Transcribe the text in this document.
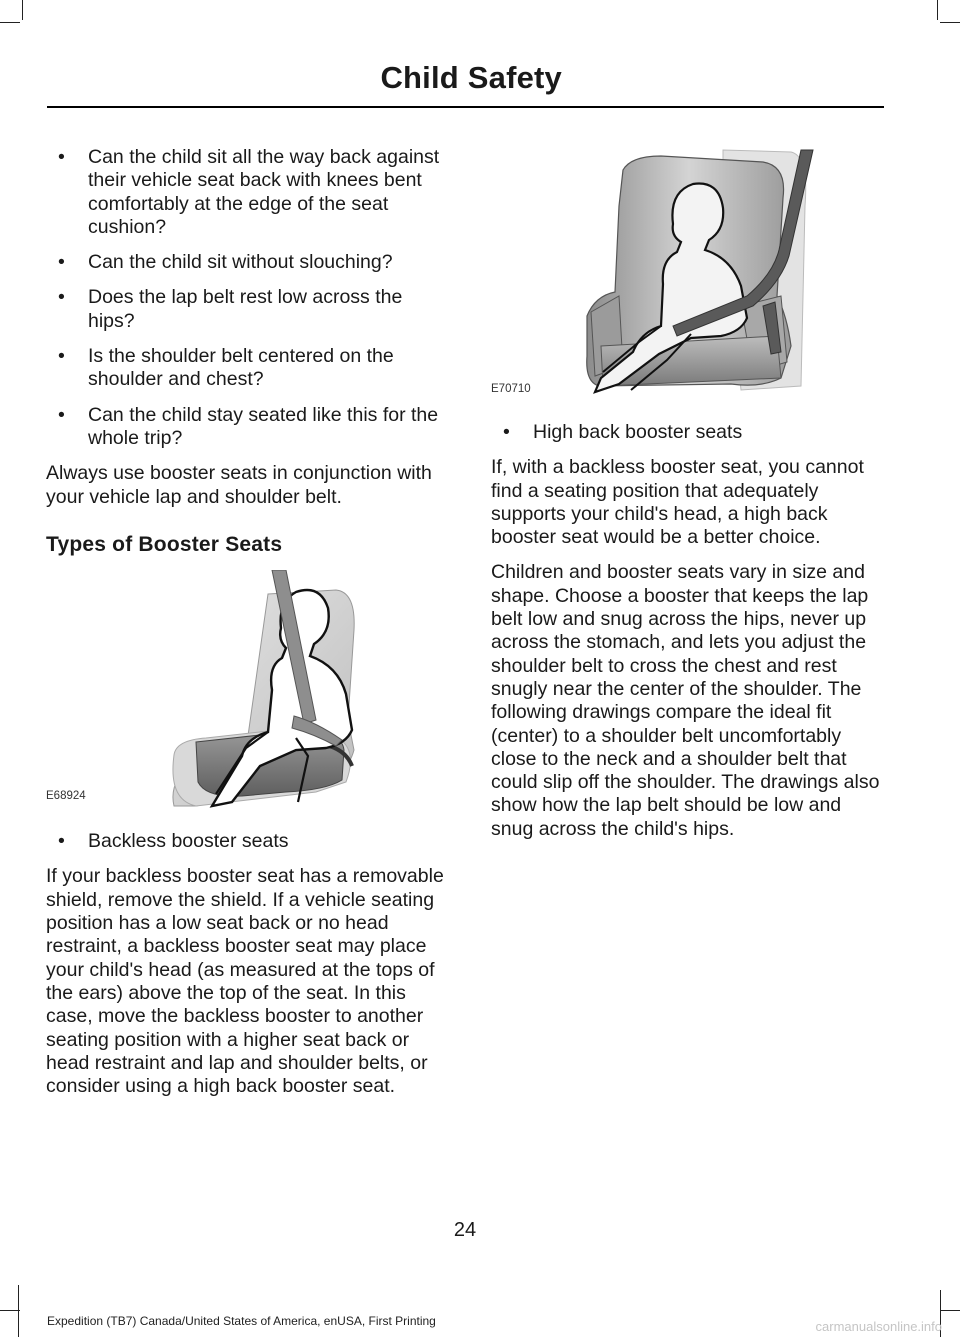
Child Safety
• Can the child sit all the way back against their vehicle seat back with knees bent comfortably at the edge of the seat cushion?
• Can the child sit without slouching?
• Does the lap belt rest low across the hips?
• Is the shoulder belt centered on the shoulder and chest?
• Can the child stay seated like this for the whole trip?

Always use booster seats in conjunction with your vehicle lap and shoulder belt.

Types of Booster Seats
E68924
• Backless booster seats

If your backless booster seat has a removable shield, remove the shield. If a vehicle seating position has a low seat back or no head restraint, a backless booster seat may place your child's head (as measured at the tops of the ears) above the top of the seat. In this case, move the backless booster to another seating position with a higher seat back or head restraint and lap and shoulder belts, or consider using a high back booster seat.

E70710
• High back booster seats

If, with a backless booster seat, you cannot find a seating position that adequately supports your child's head, a high back booster seat would be a better choice.

Children and booster seats vary in size and shape. Choose a booster that keeps the lap belt low and snug across the hips, never up across the stomach, and lets you adjust the shoulder belt to cross the chest and rest snugly near the center of the shoulder. The following drawings compare the ideal fit (center) to a shoulder belt uncomfortably close to the neck and a shoulder belt that could slip off the shoulder. The drawings also show how the lap belt should be low and snug across the child's hips.

24
Expedition (TB7) Canada/United States of America, enUSA, First Printing	carmanualsonline.info
